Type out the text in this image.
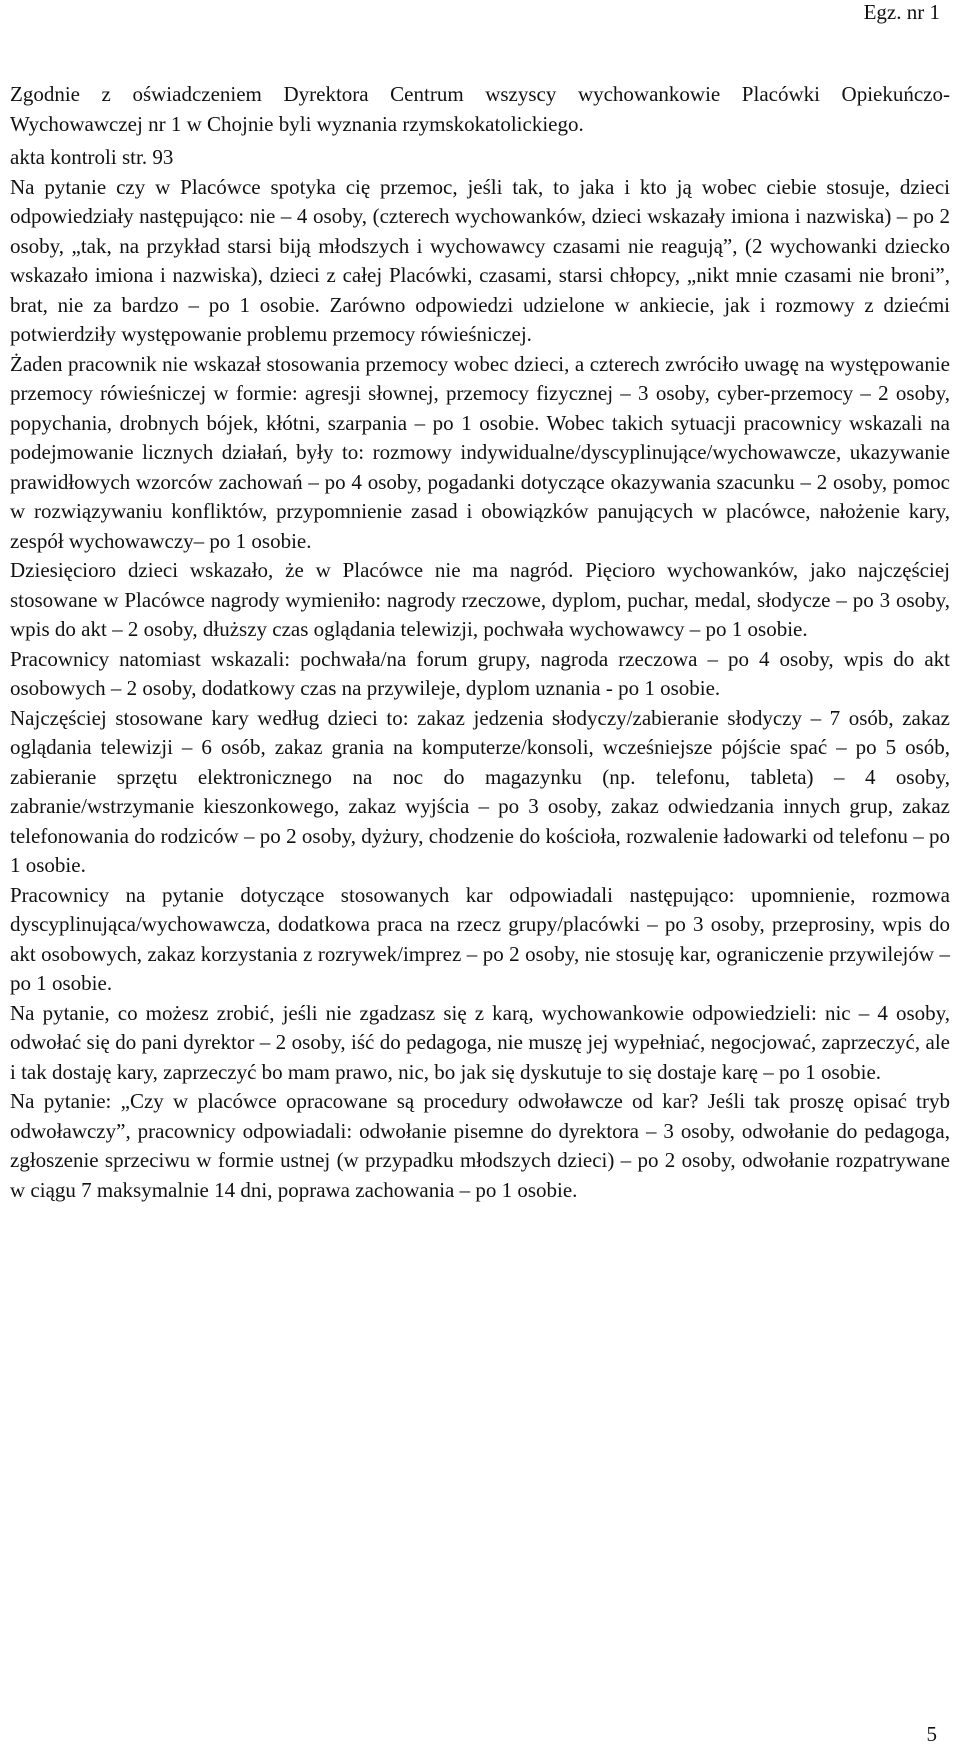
Egz. nr 1

Zgodnie z oświadczeniem Dyrektora Centrum wszyscy wychowankowie Placówki Opiekuńczo-Wychowawczej nr 1 w Chojnie byli wyznania rzymskokatolickiego.

akta kontroli str. 93

Na pytanie czy w Placówce spotyka cię przemoc, jeśli tak, to jaka i kto ją wobec ciebie stosuje, dzieci odpowiedziały następująco: nie – 4 osoby, (czterech wychowanków, dzieci wskazały imiona i nazwiska) – po 2 osoby, „tak, na przykład starsi biją młodszych i wychowawcy czasami nie reagują”, (2 wychowanki dziecko wskazało imiona i nazwiska), dzieci z całej Placówki, czasami, starsi chłopcy, „nikt mnie czasami nie broni”, brat, nie za bardzo – po 1 osobie. Zarówno odpowiedzi udzielone w ankiecie, jak i rozmowy z dziećmi potwierdziły występowanie problemu przemocy rówieśniczej.

Żaden pracownik nie wskazał stosowania przemocy wobec dzieci, a czterech zwróciło uwagę na występowanie przemocy rówieśniczej w formie: agresji słownej, przemocy fizycznej – 3 osoby, cyber-przemocy – 2 osoby, popychania, drobnych bójek, kłótni, szarpania – po 1 osobie. Wobec takich sytuacji pracownicy wskazali na podejmowanie licznych działań, były to: rozmowy indywidualne/dyscyplinujące/wychowawcze, ukazywanie prawidłowych wzorców zachowań – po 4 osoby, pogadanki dotyczące okazywania szacunku – 2 osoby, pomoc w rozwiązywaniu konfliktów, przypomnienie zasad i obowiązków panujących w placówce, nałożenie kary, zespół wychowawczy– po 1 osobie.

Dziesięcioro dzieci wskazało, że w Placówce nie ma nagród. Pięcioro wychowanków, jako najczęściej stosowane w Placówce nagrody wymieniło: nagrody rzeczowe, dyplom, puchar, medal, słodycze – po 3 osoby, wpis do akt – 2 osoby, dłuższy czas oglądania telewizji, pochwała wychowawcy – po 1 osobie.

Pracownicy natomiast wskazali: pochwała/na forum grupy, nagroda rzeczowa – po 4 osoby, wpis do akt osobowych – 2 osoby, dodatkowy czas na przywileje, dyplom uznania - po 1 osobie.

Najczęściej stosowane kary według dzieci to: zakaz jedzenia słodyczy/zabieranie słodyczy – 7 osób, zakaz oglądania telewizji – 6 osób, zakaz grania na komputerze/konsoli, wcześniejsze pójście spać – po 5 osób, zabieranie sprzętu elektronicznego na noc do magazynku (np. telefonu, tableta) – 4 osoby, zabranie/wstrzymanie kieszonkowego, zakaz wyjścia – po 3 osoby, zakaz odwiedzania innych grup, zakaz telefonowania do rodziców – po 2 osoby, dyżury, chodzenie do kościoła, rozwalenie ładowarki od telefonu – po 1 osobie.

Pracownicy na pytanie dotyczące stosowanych kar odpowiadali następująco: upomnienie, rozmowa dyscyplinująca/wychowawcza, dodatkowa praca na rzecz grupy/placówki – po 3 osoby, przeprosiny, wpis do akt osobowych, zakaz korzystania z rozrywek/imprez – po 2 osoby, nie stosuję kar, ograniczenie przywilejów – po 1 osobie.

Na pytanie, co możesz zrobić, jeśli nie zgadzasz się z karą, wychowankowie odpowiedzieli: nic – 4 osoby, odwołać się do pani dyrektor – 2 osoby, iść do pedagoga, nie muszę jej wypełniać, negocjować, zaprzeczyć, ale i tak dostaję kary, zaprzeczyć bo mam prawo, nic, bo jak się dyskutuje to się dostaje karę – po 1 osobie.

Na pytanie: „Czy w placówce opracowane są procedury odwoławcze od kar? Jeśli tak proszę opisać tryb odwoławczy”, pracownicy odpowiadali: odwołanie pisemne do dyrektora – 3 osoby, odwołanie do pedagoga, zgłoszenie sprzeciwu w formie ustnej (w przypadku młodszych dzieci) – po 2 osoby, odwołanie rozpatrywane w ciągu 7 maksymalnie 14 dni, poprawa zachowania – po 1 osobie.

5
